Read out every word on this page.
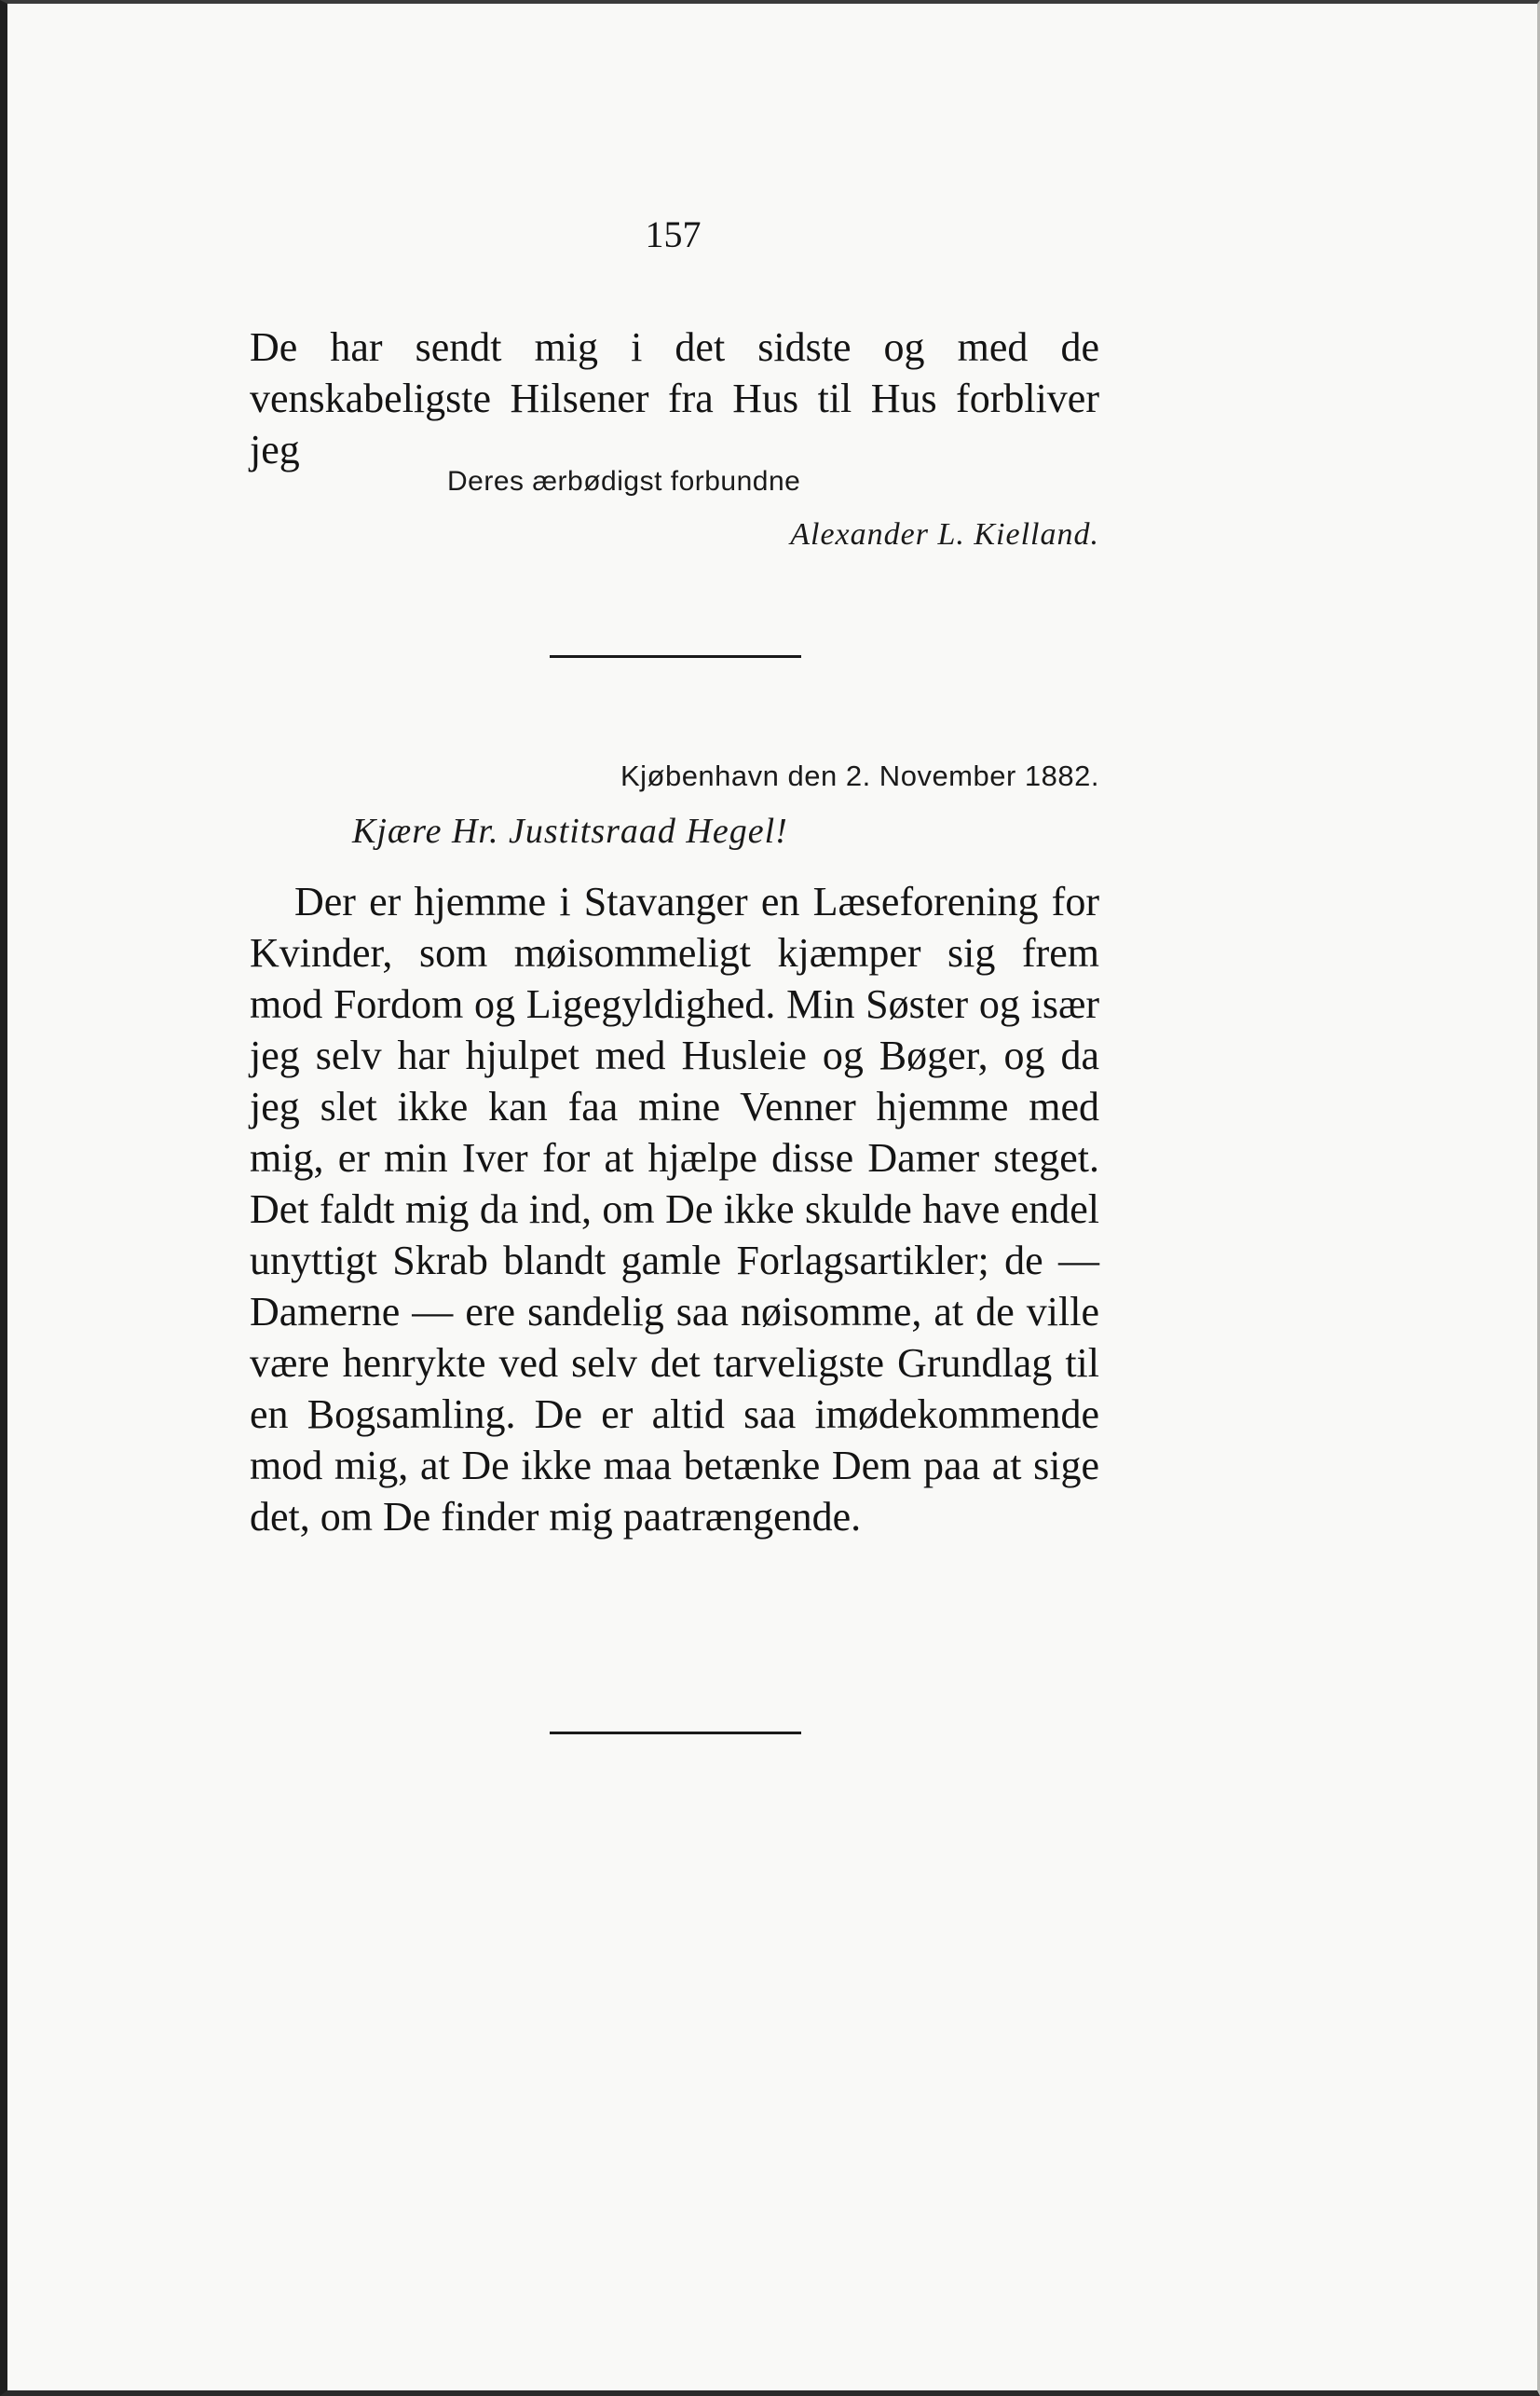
157

De har sendt mig i det sidste og med de venskabeligste Hilsener fra Hus til Hus forbliver jeg

Deres ærbødigst forbundne
Alexander L. Kielland.
Kjøbenhavn den 2. November 1882.
Kjære Hr. Justitsraad Hegel!

Der er hjemme i Stavanger en Læseforening for Kvinder, som møisommeligt kjæmper sig frem mod Fordom og Ligegyldighed. Min Søster og især jeg selv har hjulpet med Husleie og Bøger, og da jeg slet ikke kan faa mine Venner hjemme med mig, er min Iver for at hjælpe disse Damer steget. Det faldt mig da ind, om De ikke skulde have endel unyttigt Skrab blandt gamle Forlagsartikler; de — Damerne — ere sandelig saa nøisomme, at de ville være henrykte ved selv det tarveligste Grundlag til en Bogsamling. De er altid saa imødekommende mod mig, at De ikke maa betænke Dem paa at sige det, om De finder mig paatrængende.
